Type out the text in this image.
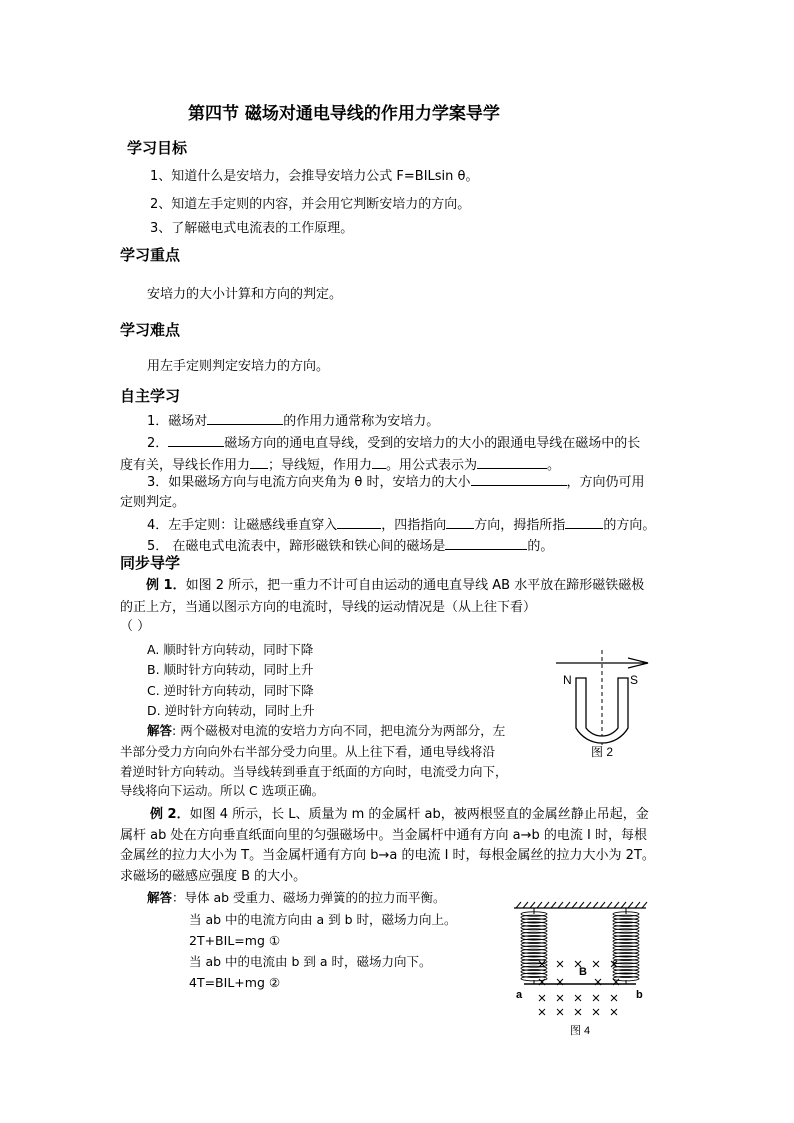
第四节 磁场对通电导线的作用力学案导学
学习目标
1、知道什么是安培力，会推导安培力公式 F=BILsin θ。
2、知道左手定则的内容，并会用它判断安培力的方向。
3、了解磁电式电流表的工作原理。
学习重点
安培力的大小计算和方向的判定。
学习难点
用左手定则判定安培力的方向。
自主学习
1．磁场对	的作用力通常称为安培力。
2．	磁场方向的通电直导线，受到的安培力的大小的跟通电导线在磁场中的长
度有关，导线长作用力 ；导线短，作用力 。用公式表示为	。
3．如果磁场方向与电流方向夹角为 θ 时，安培力的大小	，方向仍可用
定则判定。
4．左手定则：让磁感线垂直穿入	，四指指向 方向，拇指所指	的方向。
5． 在磁电式电流表中，蹄形磁铁和铁心间的磁场是	的。
同步导学
例 1．如图 2 所示，把一重力不计可自由运动的通电直导线 AB 水平放在蹄形磁铁磁极
的正上方，当通以图示方向的电流时，导线的运动情况是（从上往下看）
（ ）
A. 顺时针方向转动，同时下降
B. 顺时针方向转动，同时上升
C. 逆时针方向转动，同时下降
D. 逆时针方向转动，同时上升
解答: 两个磁极对电流的安培力方向不同，把电流分为两部分，左
半部分受力方向向外右半部分受力向里。从上往下看，通电导线将沿
着逆时针方向转动。当导线转到垂直于纸面的方向时，电流受力向下，
导线将向下运动。所以 C 选项正确。
N	S
图 2
例 2．如图 4 所示，长 L、质量为 m 的金属杆 ab，被两根竖直的金属丝静止吊起，金
属杆 ab 处在方向垂直纸面向里的匀强磁场中。当金属杆中通有方向 a→b 的电流 I 时，每根
金属丝的拉力大小为 T。当金属杆通有方向 b→a 的电流 I 时，每根金属丝的拉力大小为 2T。
求磁场的磁感应强度 B 的大小。
解答：导体 ab 受重力、磁场力弹簧的的拉力而平衡。
当 ab 中的电流方向由 a 到 b 时，磁场力向上。
2T+BIL=mg ①
当 ab 中的电流由 b 到 a 时，磁场力向下。
4T=BIL+mg ②
a	b
B
图 4
